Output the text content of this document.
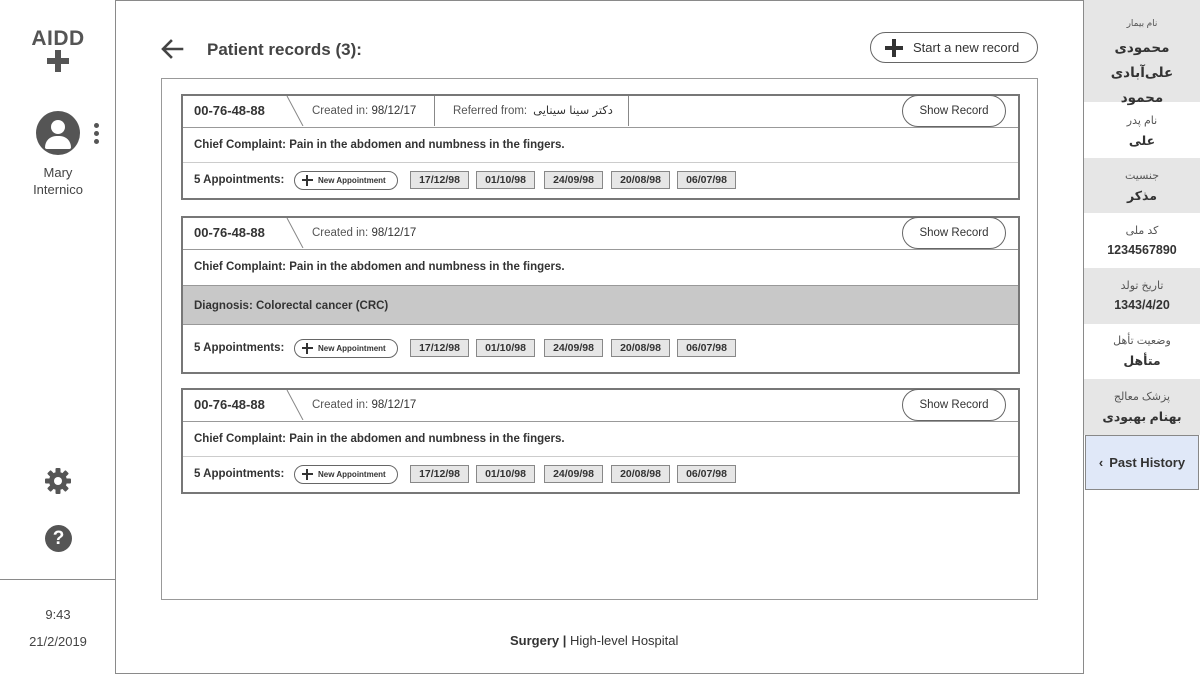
AIDD
Mary
Internico
?
9:43
21/2/2019
Patient records (3):	Start a new record
00-76-48-88	Created in: 98/12/17	Referred from: دکتر سینا سینایی	Show Record
Chief Complaint: Pain in the abdomen and numbness in the fingers.
5 Appointments:	New Appointment	17/12/98	01/10/98	24/09/98	20/08/98	06/07/98
00-76-48-88	Created in: 98/12/17	Show Record
Chief Complaint: Pain in the abdomen and numbness in the fingers.
Diagnosis: Colorectal cancer (CRC)
5 Appointments:	New Appointment	17/12/98	01/10/98	24/09/98	20/08/98	06/07/98
00-76-48-88	Created in: 98/12/17	Show Record
Chief Complaint: Pain in the abdomen and numbness in the fingers.
5 Appointments:	New Appointment	17/12/98	01/10/98	24/09/98	20/08/98	06/07/98
Surgery | High-level Hospital
نام بیمار
محمودی علی‌آبادی محمود
نام پدر
علی
جنسیت
مذکر
کد ملی
1234567890
تاریخ تولد
1343/4/20
وضعیت تأهل
متأهل
پزشک معالج
بهنام بهبودی
‹ Past History
